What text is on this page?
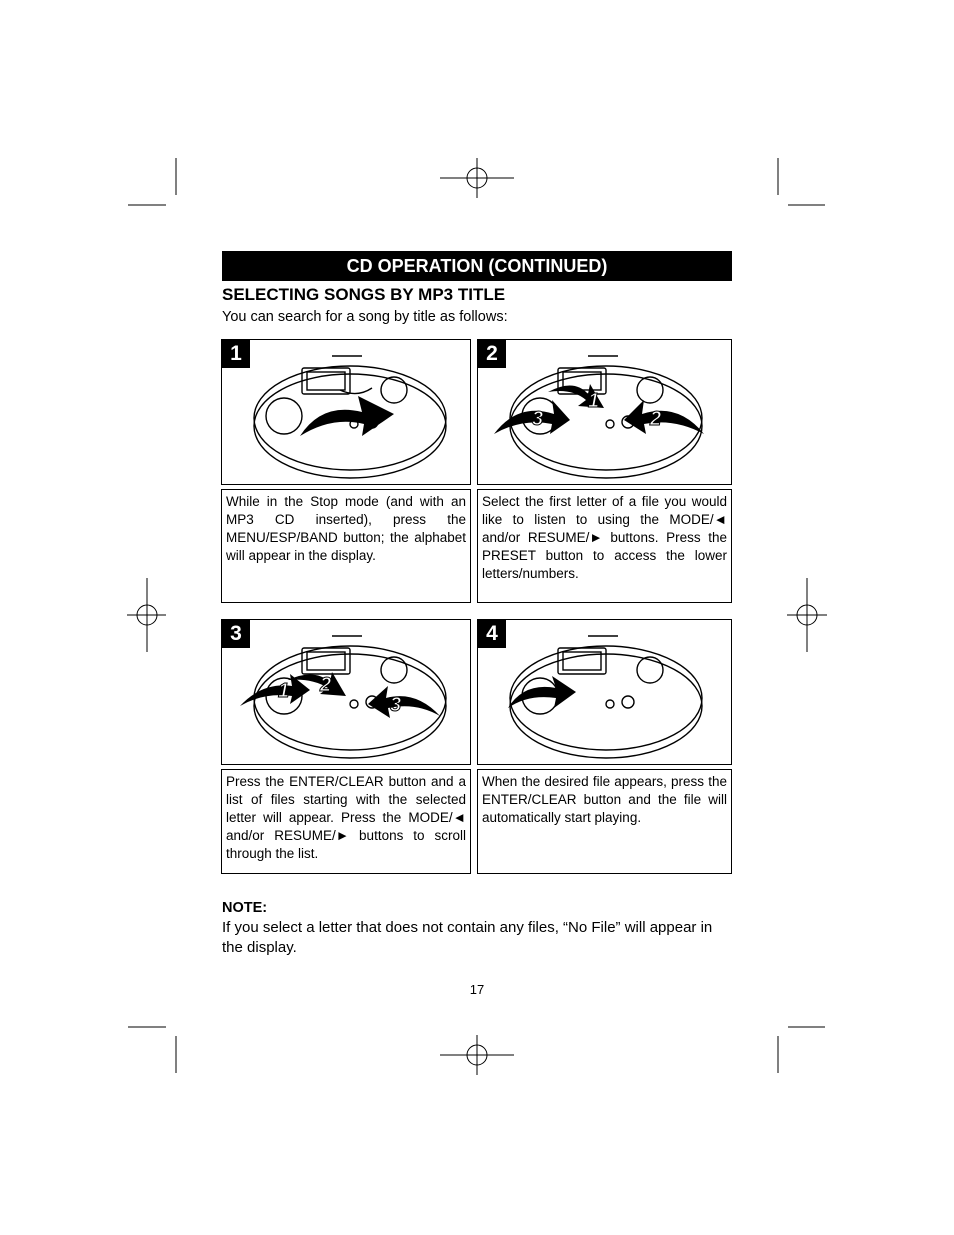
CD OPERATION (CONTINUED)
SELECTING SONGS BY MP3 TITLE
You can search for a song by title as follows:
1	2
1
2
3
While in the Stop mode (and with an MP3 CD inserted), press the MENU/ESP/BAND button; the alphabet will appear in the display.
Select the first letter of a file you would like to listen to using the MODE/◄ and/or RESUME/► buttons. Press the PRESET button to access the lower letters/numbers.
3
1 2
3
4
Press the ENTER/CLEAR button and a list of files starting with the selected letter will appear. Press the MODE/◄ and/or RESUME/► buttons to scroll through the list.
When the desired file appears, press the ENTER/CLEAR button and the file will automatically start playing.
NOTE:
If you select a letter that does not contain any files, “No File” will appear in the display.
17
